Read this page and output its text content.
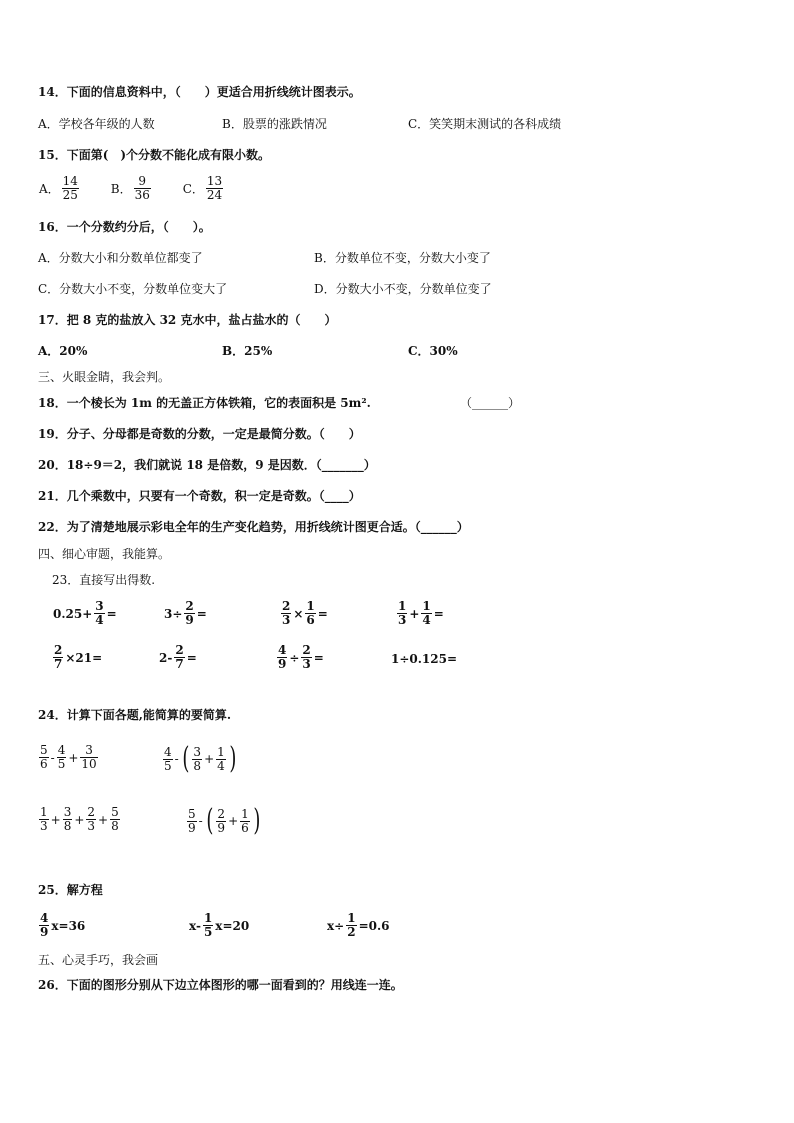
14．下面的信息资料中，（　　）更适合用折线统计图表示。
A．学校各年级的人数	B．股票的涨跌情况	C．笑笑期末测试的各科成绩
15．下面第(　)个分数不能化成有限小数。
A． $\frac{14}{25}$	B． $\frac{9}{36}$	C． $\frac{13}{24}$
16．一个分数约分后，（　　）。
A．分数大小和分数单位都变了	B．分数单位不变，分数大小变了
C．分数大小不变，分数单位变大了	D．分数大小不变，分数单位变了
17．把 8 克的盐放入 32 克水中，盐占盐水的（　　）
A．20%	B．25%	C．30%
三、火眼金睛，我会判。
18．一个棱长为 1m 的无盖正方体铁箱，它的表面积是 5m².	（______）
19．分子、分母都是奇数的分数，一定是最简分数。（　　）
20．18÷9＝2，我们就说 18 是倍数，9 是因数．（_______）
21．几个乘数中，只要有一个奇数，积一定是奇数。（____）
22．为了清楚地展示彩电全年的生产变化趋势，用折线统计图更合适。（______）
四、细心审题，我能算。
23．直接写出得数.
$0.25+ \frac{3}{4}$ =	$3\div \frac{2}{9}$ =	$\frac{2}{3} \times \frac{1}{6}$ =	$\frac{1}{3} + \frac{1}{4}$ =
$\frac{2}{7} \times 21=$	$2- \frac{2}{7}$ =	$\frac{4}{9} \div \frac{2}{3}$ =	1÷0.125=
24．计算下面各题,能简算的要简算.
$\frac{5}{6} - \frac{4}{5} + \frac{3}{10}$	$\frac{4}{5}$ - ( $\frac{3}{8} + \frac{1}{4}$ )
$\frac{1}{3} + \frac{3}{8} + \frac{2}{3} + \frac{5}{8}$	$\frac{5}{9}$ - ( $\frac{2}{9} + \frac{1}{6}$ )
25．解方程
$\frac{4}{9} x=36$	$x- \frac{1}{5} x=20$	$x\div \frac{1}{2} =0.6$
五、心灵手巧，我会画
26．下面的图形分别从下边立体图形的哪一面看到的？用线连一连。
